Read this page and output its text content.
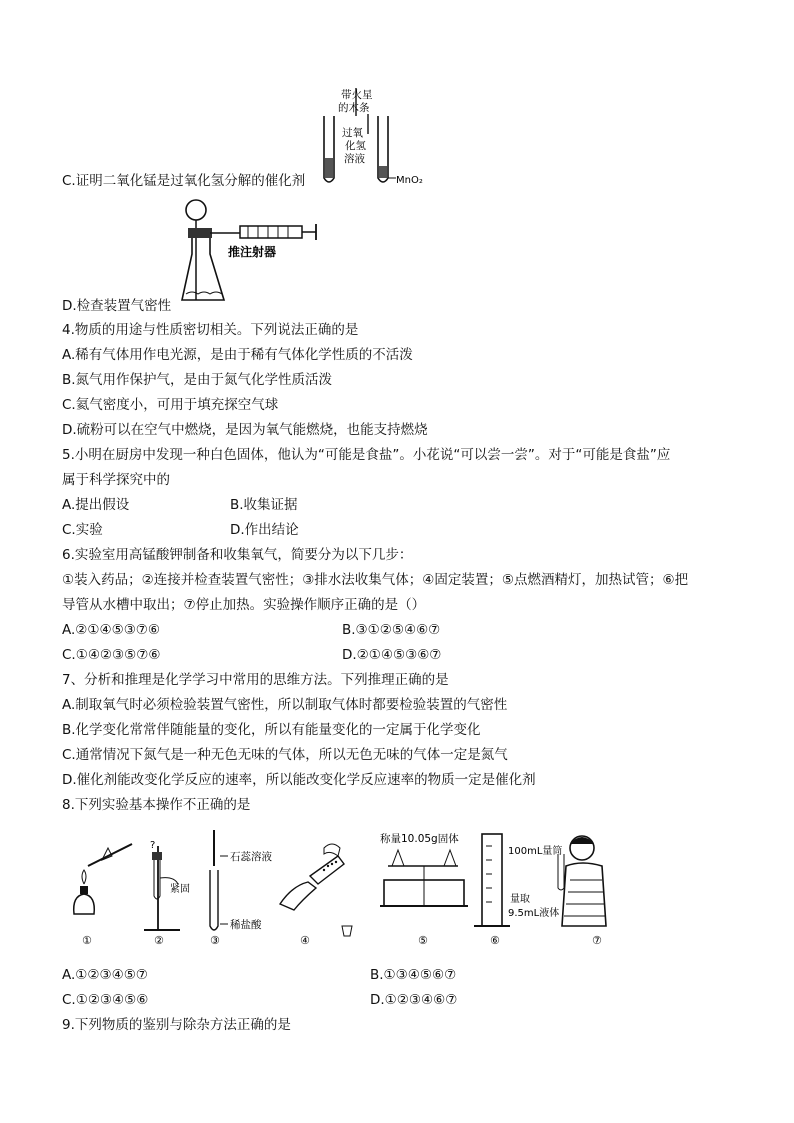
带火星
的木条
过氧
化氢
溶液
MnO₂
C.证明二氧化锰是过氧化氢分解的催化剂
推注射器
D.检查装置气密性
4.物质的用途与性质密切相关。下列说法正确的是
A.稀有气体用作电光源，是由于稀有气体化学性质的不活泼
B.氮气用作保护气，是由于氮气化学性质活泼
C.氦气密度小，可用于填充探空气球
D.硫粉可以在空气中燃烧，是因为氧气能燃烧，也能支持燃烧
5.小明在厨房中发现一种白色固体，他认为“可能是食盐”。小花说“可以尝一尝”。对于“可能是食盐”应
属于科学探究中的
A.提出假设	B.收集证据
C.实验	D.作出结论
6.实验室用高锰酸钾制备和收集氧气，简要分为以下几步：
①装入药品；②连接并检查装置气密性；③排水法收集气体；④固定装置；⑤点燃酒精灯，加热试管；⑥把
导管从水槽中取出；⑦停止加热。实验操作顺序正确的是（）
A.②①④⑤③⑦⑥	B.③①②⑤④⑥⑦
C.①④②③⑤⑦⑥	D.②①④⑤③⑥⑦
7、分析和推理是化学学习中常用的思维方法。下列推理正确的是
A.制取氧气时必须检验装置气密性，所以制取气体时都要检验装置的气密性
B.化学变化常常伴随能量的变化，所以有能量变化的一定属于化学变化
C.通常情况下氮气是一种无色无味的气体，所以无色无味的气体一定是氮气
D.催化剂能改变化学反应的速率，所以能改变化学反应速率的物质一定是催化剂
8.下列实验基本操作不正确的是
①
?
紧固
②
石蕊溶液
稀盐酸
③	④
称量10.05g固体
⑤
100mL量筒
量取
9.5mL液体
⑥	⑦
A.①②③④⑤⑦	B.①③④⑤⑥⑦
C.①②③④⑤⑥	D.①②③④⑥⑦
9.下列物质的鉴别与除杂方法正确的是
